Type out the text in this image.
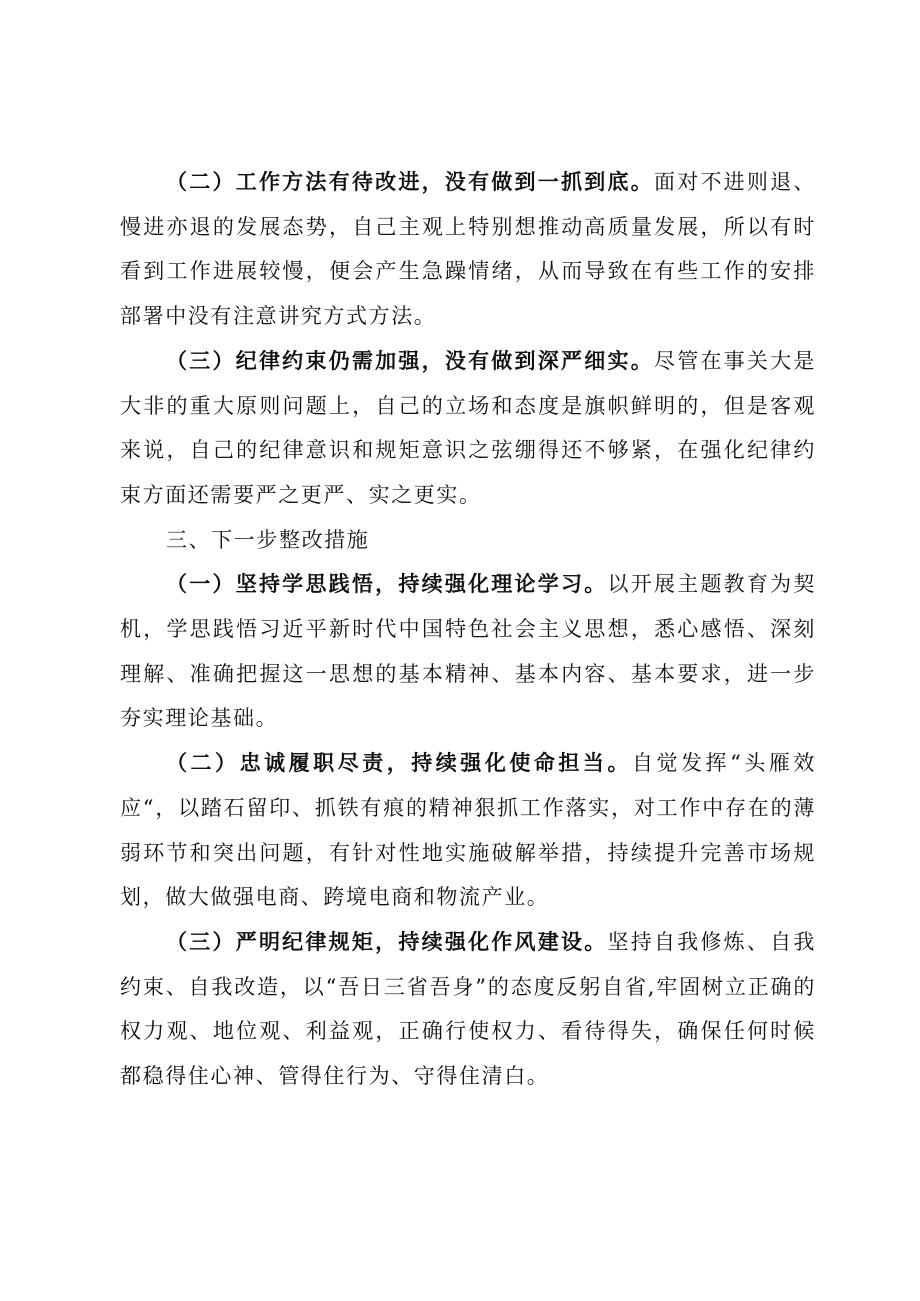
（二）工作方法有待改进，没有做到一抓到底。面对不进则退、慢进亦退的发展态势，自己主观上特别想推动高质量发展，所以有时看到工作进展较慢，便会产生急躁情绪，从而导致在有些工作的安排部署中没有注意讲究方式方法。

（三）纪律约束仍需加强，没有做到深严细实。尽管在事关大是大非的重大原则问题上，自己的立场和态度是旗帜鲜明的，但是客观来说，自己的纪律意识和规矩意识之弦绷得还不够紧，在强化纪律约束方面还需要严之更严、实之更实。

三、下一步整改措施

（一）坚持学思践悟，持续强化理论学习。以开展主题教育为契机，学思践悟习近平新时代中国特色社会主义思想，悉心感悟、深刻理解、准确把握这一思想的基本精神、基本内容、基本要求，进一步夯实理论基础。

（二）忠诚履职尽责，持续强化使命担当。自觉发挥“头雁效应“，以踏石留印、抓铁有痕的精神狠抓工作落实，对工作中存在的薄弱环节和突出问题，有针对性地实施破解举措，持续提升完善市场规划，做大做强电商、跨境电商和物流产业。

（三）严明纪律规矩，持续强化作风建设。坚持自我修炼、自我约束、自我改造，以“吾日三省吾身”的态度反躬自省,牢固树立正确的权力观、地位观、利益观，正确行使权力、看待得失，确保任何时候都稳得住心神、管得住行为、守得住清白。
